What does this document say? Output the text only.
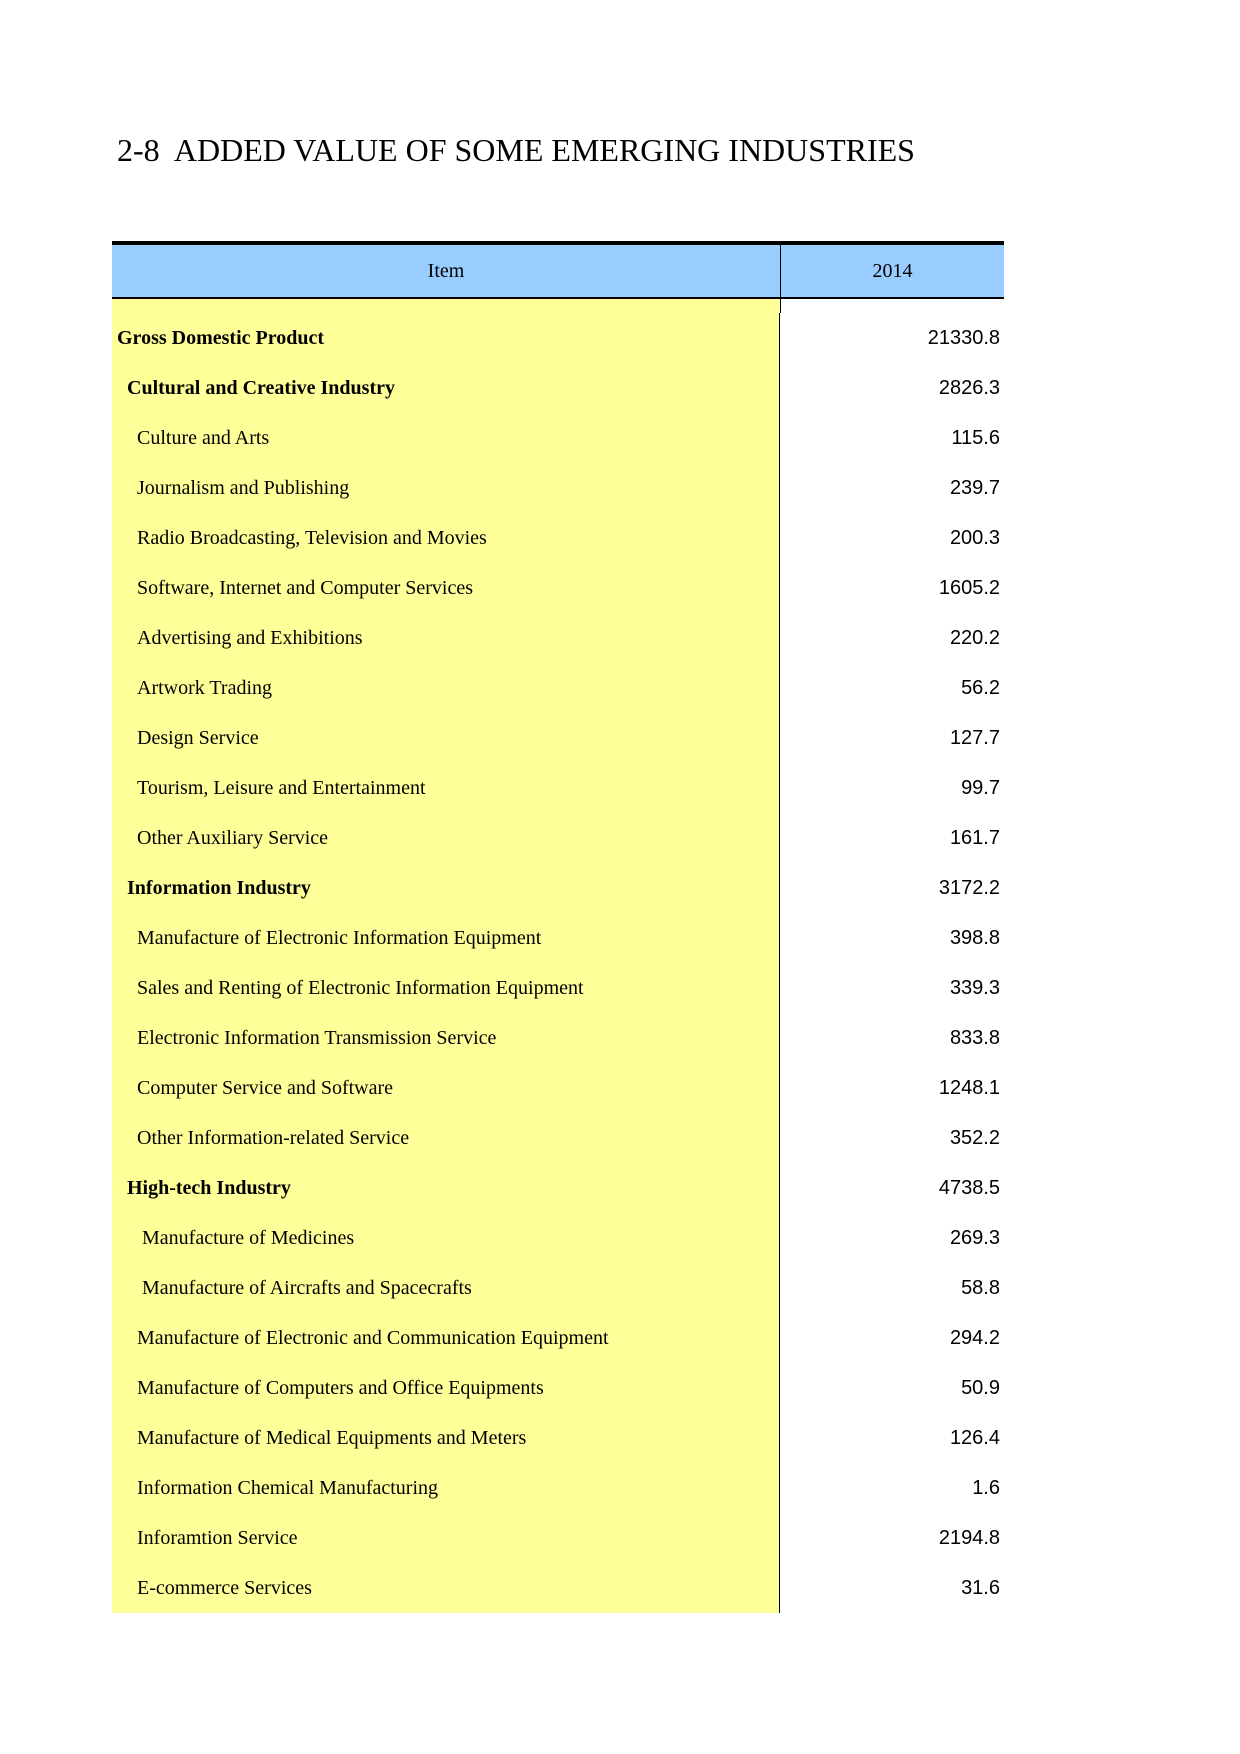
2-8  ADDED VALUE OF SOME EMERGING INDUSTRIES
Item	2014
Gross Domestic Product	21330.8
Cultural and Creative Industry	2826.3
Culture and Arts	115.6
Journalism and Publishing	239.7
Radio Broadcasting, Television and Movies	200.3
Software, Internet and Computer Services	1605.2
Advertising and Exhibitions	220.2
Artwork Trading	56.2
Design Service	127.7
Tourism, Leisure and Entertainment	99.7
Other Auxiliary Service	161.7
Information Industry	3172.2
Manufacture of Electronic Information Equipment	398.8
Sales and Renting of Electronic Information Equipment	339.3
Electronic Information Transmission Service	833.8
Computer Service and Software	1248.1
Other Information-related Service	352.2
High-tech Industry	4738.5
Manufacture of Medicines	269.3
Manufacture of Aircrafts and Spacecrafts	58.8
Manufacture of Electronic and Communication Equipment	294.2
Manufacture of Computers and Office Equipments	50.9
Manufacture of Medical Equipments and Meters	126.4
Information Chemical Manufacturing	1.6
Inforamtion Service	2194.8
E-commerce Services	31.6
